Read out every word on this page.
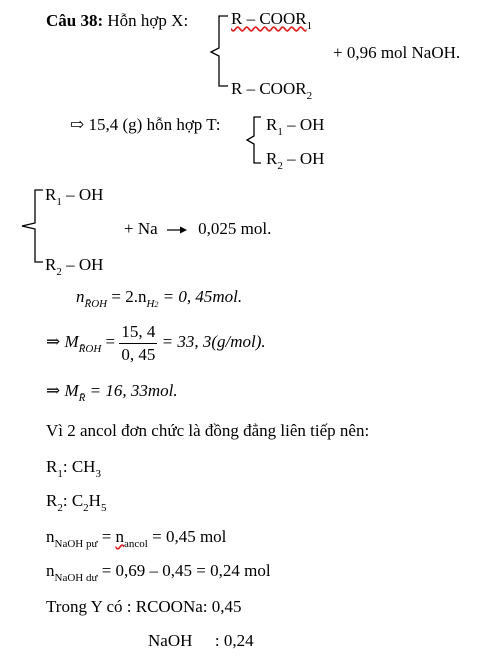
Câu 38: Hỗn hợp X:	R – $COOR_1$
R – $COOR_2$
+ 0,96 mol NaOH.
⇨ 15,4 (g) hỗn hợp T:	$R_1$ – OH
$R_2$ – OH
$R_1$ – OH
$R_2$ – OH
+ Na → 0,025 mol.
$n_{R̄OH} = 2.n_{H2} = 0$, 45mol.
⇒ $M_{R̄OH} = \frac{15, 4}{0, 45} = 33$, 3(g/mol).
⇒ $M_{R̄} = 16$, 33mol.
Vì 2 ancol đơn chức là đồng đẳng liên tiếp nên:
$R_1$: $CH_3$
$R_2$: $C_2H_5$
$n_{NaOH pư} = n_{ancol} = 0,45$ mol
$n_{NaOH dư} = 0,69 - 0,45 = 0,24$ mol
Trong Y có : RCOONa: 0,45
NaOH : 0,24
